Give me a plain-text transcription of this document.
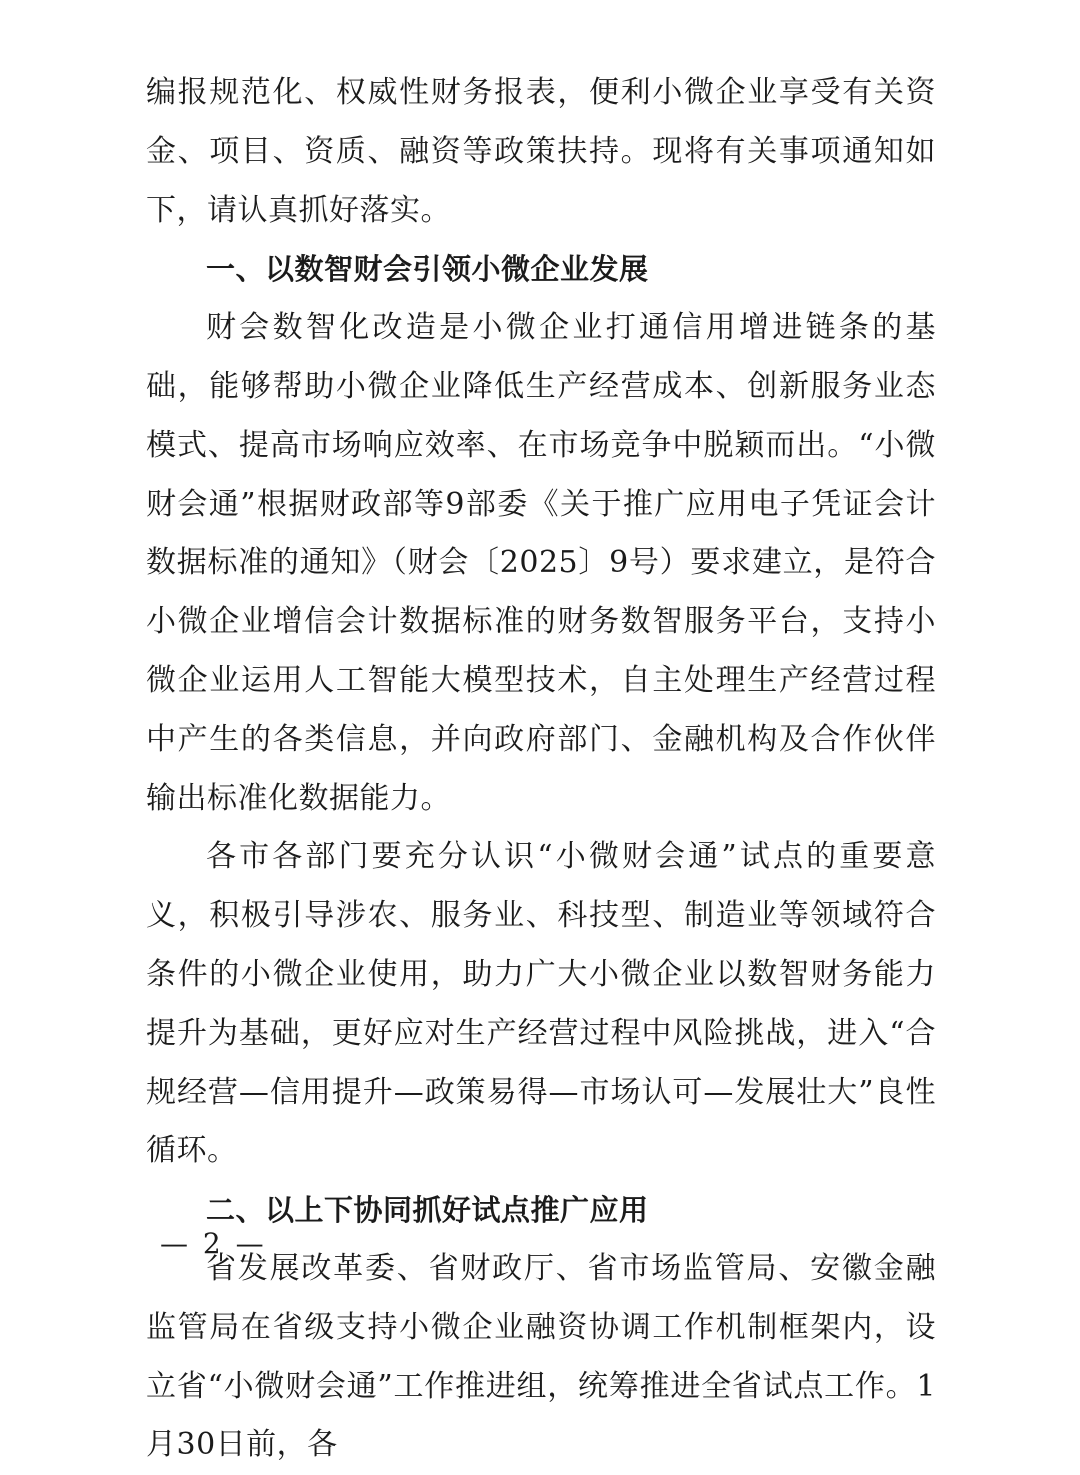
编报规范化、权威性财务报表，便利小微企业享受有关资金、项目、资质、融资等政策扶持。现将有关事项通知如下，请认真抓好落实。

一、以数智财会引领小微企业发展

财会数智化改造是小微企业打通信用增进链条的基础，能够帮助小微企业降低生产经营成本、创新服务业态模式、提高市场响应效率、在市场竞争中脱颖而出。“小微财会通”根据财政部等9部委《关于推广应用电子凭证会计数据标准的通知》（财会〔2025〕9号）要求建立，是符合小微企业增信会计数据标准的财务数智服务平台，支持小微企业运用人工智能大模型技术，自主处理生产经营过程中产生的各类信息，并向政府部门、金融机构及合作伙伴输出标准化数据能力。

各市各部门要充分认识“小微财会通”试点的重要意义，积极引导涉农、服务业、科技型、制造业等领域符合条件的小微企业使用，助力广大小微企业以数智财务能力提升为基础，更好应对生产经营过程中风险挑战，进入“合规经营—信用提升—政策易得—市场认可—发展壮大”良性循环。

二、以上下协同抓好试点推广应用

省发展改革委、省财政厅、省市场监管局、安徽金融监管局在省级支持小微企业融资协调工作机制框架内，设立省“小微财会通”工作推进组，统筹推进全省试点工作。1月30日前，各

— 2 —
